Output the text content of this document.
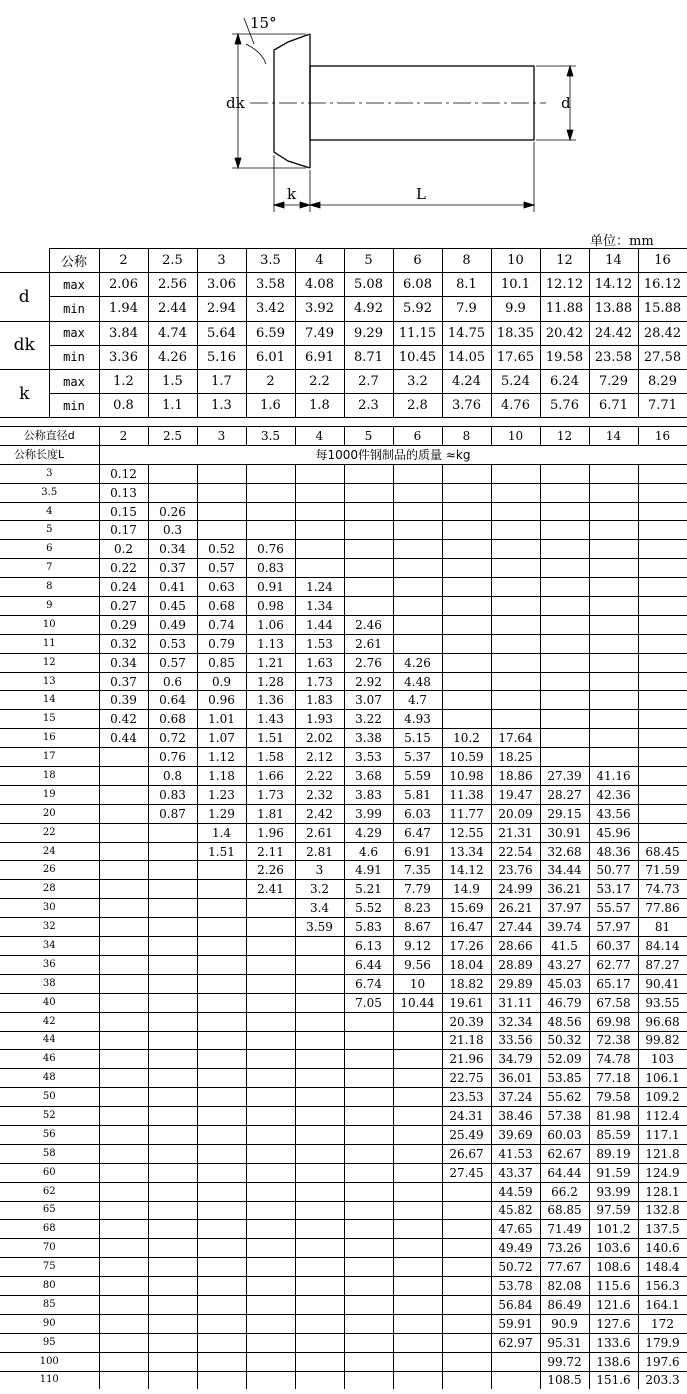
15°
dk	d
k	L
单位：mm
	公称	2	2.5	3	3.5	4	5	6	8	10	12	14	16
d	max	2.06	2.56	3.06	3.58	4.08	5.08	6.08	8.1	10.1	12.12	14.12	16.12
	min	1.94	2.44	2.94	3.42	3.92	4.92	5.92	7.9	9.9	11.88	13.88	15.88
dk	max	3.84	4.74	5.64	6.59	7.49	9.29	11.15	14.75	18.35	20.42	24.42	28.42
	min	3.36	4.26	5.16	6.01	6.91	8.71	10.45	14.05	17.65	19.58	23.58	27.58
k	max	1.2	1.5	1.7	2	2.2	2.7	3.2	4.24	5.24	6.24	7.29	8.29
	min	0.8	1.1	1.3	1.6	1.8	2.3	2.8	3.76	4.76	5.76	6.71	7.71
公称直径d	2	2.5	3	3.5	4	5	6	8	10	12	14	16
公称长度L	每1000件钢制品的质量 ≈kg											
3	0.12											
3.5	0.13											
4	0.15	0.26										
5	0.17	0.3										
6	0.2	0.34	0.52	0.76								
7	0.22	0.37	0.57	0.83								
8	0.24	0.41	0.63	0.91	1.24							
9	0.27	0.45	0.68	0.98	1.34							
10	0.29	0.49	0.74	1.06	1.44	2.46						
11	0.32	0.53	0.79	1.13	1.53	2.61						
12	0.34	0.57	0.85	1.21	1.63	2.76	4.26					
13	0.37	0.6	0.9	1.28	1.73	2.92	4.48					
14	0.39	0.64	0.96	1.36	1.83	3.07	4.7					
15	0.42	0.68	1.01	1.43	1.93	3.22	4.93					
16	0.44	0.72	1.07	1.51	2.02	3.38	5.15	10.2	17.64			
17		0.76	1.12	1.58	2.12	3.53	5.37	10.59	18.25			
18		0.8	1.18	1.66	2.22	3.68	5.59	10.98	18.86	27.39	41.16	
19		0.83	1.23	1.73	2.32	3.83	5.81	11.38	19.47	28.27	42.36	
20		0.87	1.29	1.81	2.42	3.99	6.03	11.77	20.09	29.15	43.56	
22			1.4	1.96	2.61	4.29	6.47	12.55	21.31	30.91	45.96	
24			1.51	2.11	2.81	4.6	6.91	13.34	22.54	32.68	48.36	68.45
26				2.26	3	4.91	7.35	14.12	23.76	34.44	50.77	71.59
28				2.41	3.2	5.21	7.79	14.9	24.99	36.21	53.17	74.73
30					3.4	5.52	8.23	15.69	26.21	37.97	55.57	77.86
32					3.59	5.83	8.67	16.47	27.44	39.74	57.97	81
34						6.13	9.12	17.26	28.66	41.5	60.37	84.14
36						6.44	9.56	18.04	28.89	43.27	62.77	87.27
38						6.74	10	18.82	29.89	45.03	65.17	90.41
40						7.05	10.44	19.61	31.11	46.79	67.58	93.55
42								20.39	32.34	48.56	69.98	96.68
44								21.18	33.56	50.32	72.38	99.82
46								21.96	34.79	52.09	74.78	103
48								22.75	36.01	53.85	77.18	106.1
50								23.53	37.24	55.62	79.58	109.2
52								24.31	38.46	57.38	81.98	112.4
56								25.49	39.69	60.03	85.59	117.1
58								26.67	41.53	62.67	89.19	121.8
60								27.45	43.37	64.44	91.59	124.9
62									44.59	66.2	93.99	128.1
65									45.82	68.85	97.59	132.8
68									47.65	71.49	101.2	137.5
70									49.49	73.26	103.6	140.6
75									50.72	77.67	108.6	148.4
80									53.78	82.08	115.6	156.3
85									56.84	86.49	121.6	164.1
90									59.91	90.9	127.6	172
95									62.97	95.31	133.6	179.9
100										99.72	138.6	197.6
110										108.5	151.6	203.3
